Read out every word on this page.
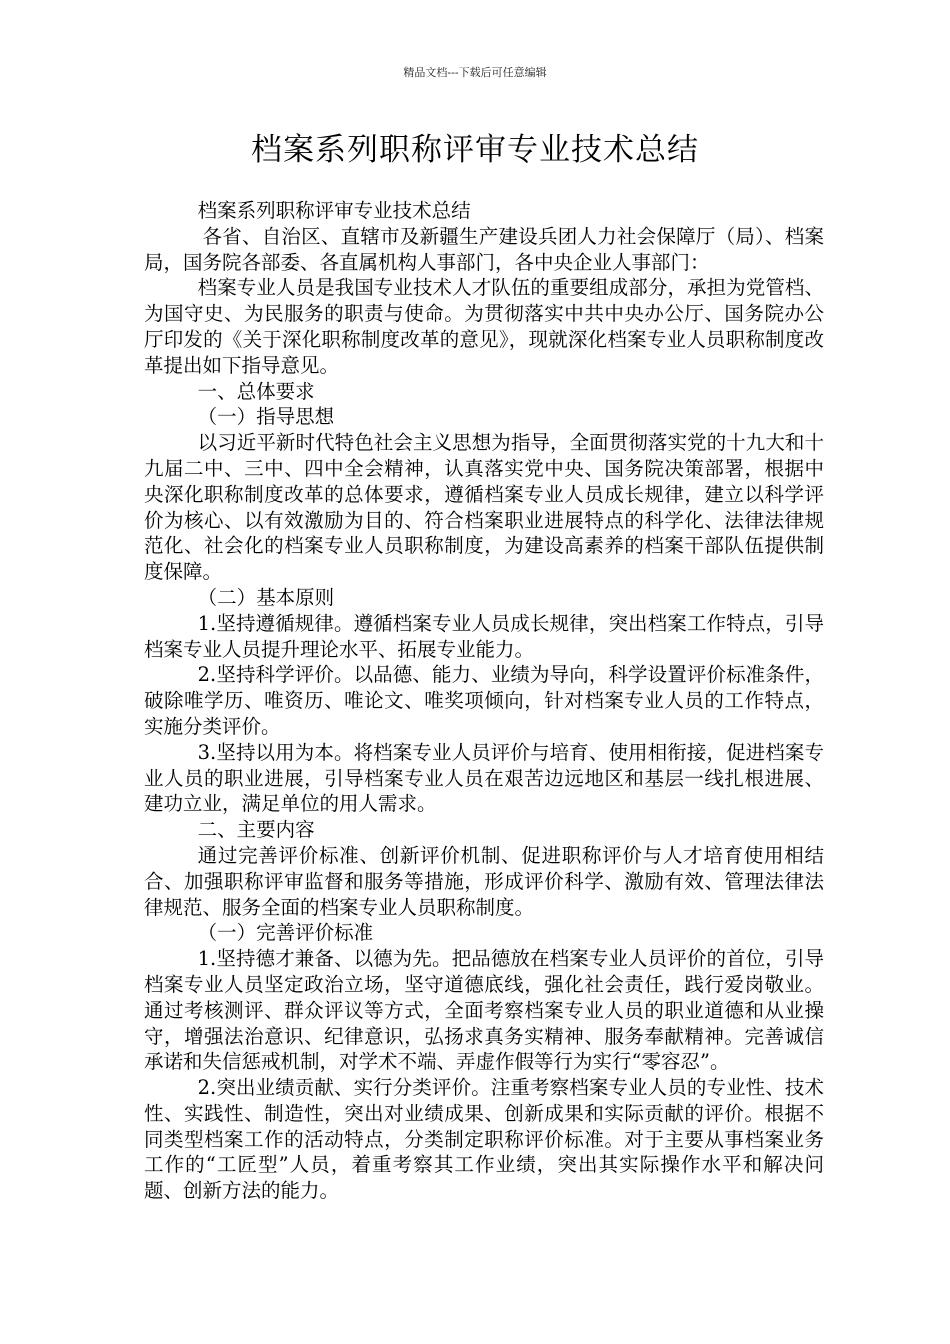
精品文档---下载后可任意编辑
档案系列职称评审专业技术总结

档案系列职称评审专业技术总结

各省、自治区、直辖市及新疆生产建设兵团人力社会保障厅（局）、档案局，国务院各部委、各直属机构人事部门，各中央企业人事部门：

档案专业人员是我国专业技术人才队伍的重要组成部分，承担为党管档、为国守史、为民服务的职责与使命。为贯彻落实中共中央办公厅、国务院办公厅印发的《关于深化职称制度改革的意见》，现就深化档案专业人员职称制度改革提出如下指导意见。

一、总体要求

（一）指导思想

以习近平新时代特色社会主义思想为指导，全面贯彻落实党的十九大和十九届二中、三中、四中全会精神，认真落实党中央、国务院决策部署，根据中央深化职称制度改革的总体要求，遵循档案专业人员成长规律，建立以科学评价为核心、以有效激励为目的、符合档案职业进展特点的科学化、法律法律规范化、社会化的档案专业人员职称制度，为建设高素养的档案干部队伍提供制度保障。

（二）基本原则

1.坚持遵循规律。遵循档案专业人员成长规律，突出档案工作特点，引导档案专业人员提升理论水平、拓展专业能力。

2.坚持科学评价。以品德、能力、业绩为导向，科学设置评价标准条件，破除唯学历、唯资历、唯论文、唯奖项倾向，针对档案专业人员的工作特点，实施分类评价。

3.坚持以用为本。将档案专业人员评价与培育、使用相衔接，促进档案专业人员的职业进展，引导档案专业人员在艰苦边远地区和基层一线扎根进展、建功立业，满足单位的用人需求。

二、主要内容

通过完善评价标准、创新评价机制、促进职称评价与人才培育使用相结合、加强职称评审监督和服务等措施，形成评价科学、激励有效、管理法律法律规范、服务全面的档案专业人员职称制度。

（一）完善评价标准

1.坚持德才兼备、以德为先。把品德放在档案专业人员评价的首位，引导档案专业人员坚定政治立场，坚守道德底线，强化社会责任，践行爱岗敬业。通过考核测评、群众评议等方式，全面考察档案专业人员的职业道德和从业操守，增强法治意识、纪律意识，弘扬求真务实精神、服务奉献精神。完善诚信承诺和失信惩戒机制，对学术不端、弄虚作假等行为实行“零容忍”。

2.突出业绩贡献、实行分类评价。注重考察档案专业人员的专业性、技术性、实践性、制造性，突出对业绩成果、创新成果和实际贡献的评价。根据不同类型档案工作的活动特点，分类制定职称评价标准。对于主要从事档案业务工作的“工匠型”人员，着重考察其工作业绩，突出其实际操作水平和解决问题、创新方法的能力。
